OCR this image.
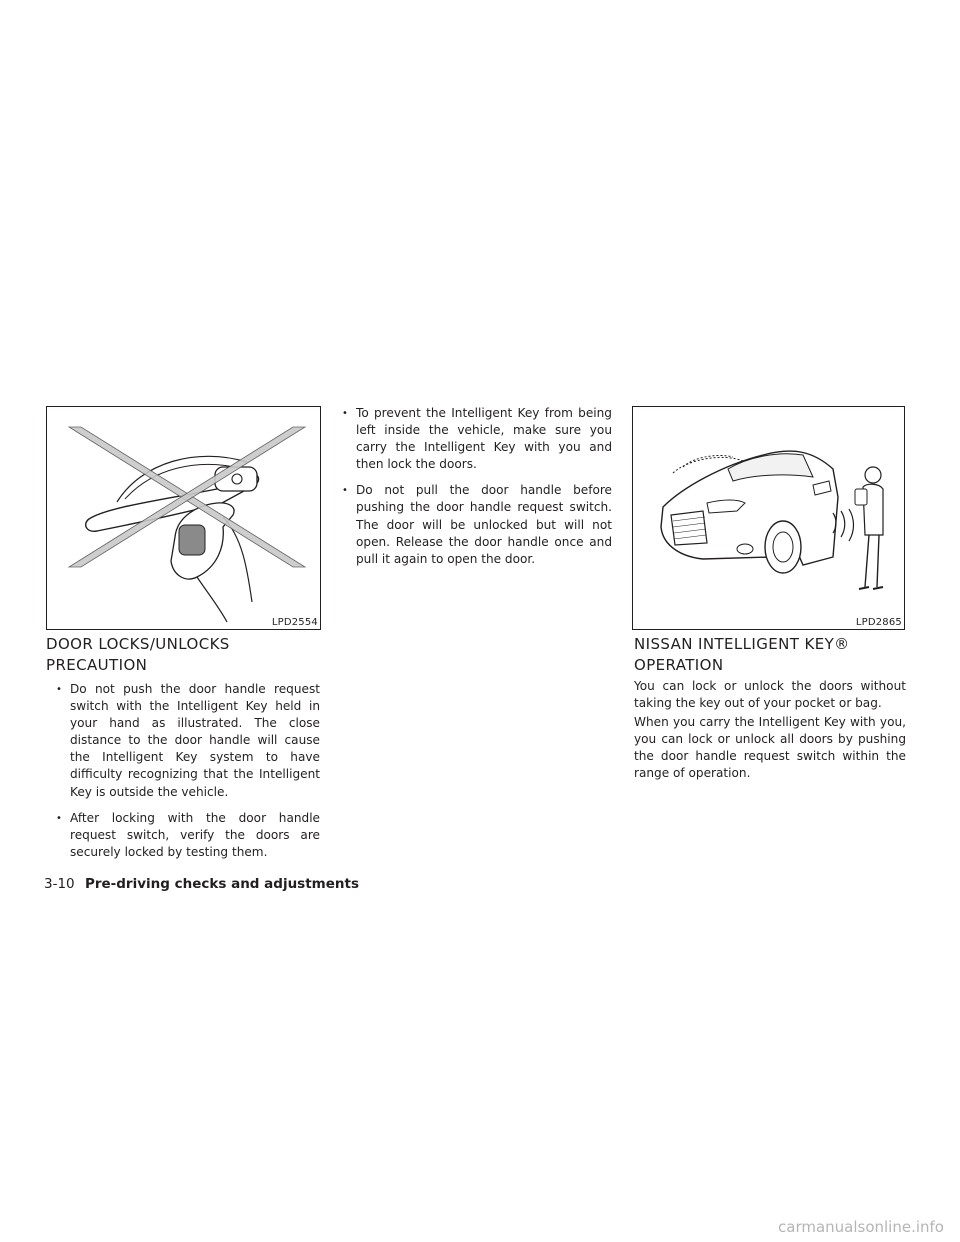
LPD2554
DOOR LOCKS/UNLOCKS
PRECAUTION
• Do not push the door handle request switch with the Intelligent Key held in your hand as illustrated. The close distance to the door handle will cause the Intelligent Key system to have difficulty recognizing that the Intelligent Key is outside the vehicle.
• After locking with the door handle request switch, verify the doors are securely locked by testing them.
• To prevent the Intelligent Key from being left inside the vehicle, make sure you carry the Intelligent Key with you and then lock the doors.
• Do not pull the door handle before pushing the door handle request switch. The door will be unlocked but will not open. Release the door handle once and pull it again to open the door.
LPD2865
NISSAN INTELLIGENT KEY®
OPERATION

You can lock or unlock the doors without taking the key out of your pocket or bag.

When you carry the Intelligent Key with you, you can lock or unlock all doors by pushing the door handle request switch within the range of operation.

3-10 Pre-driving checks and adjustments
carmanualsonline.info
